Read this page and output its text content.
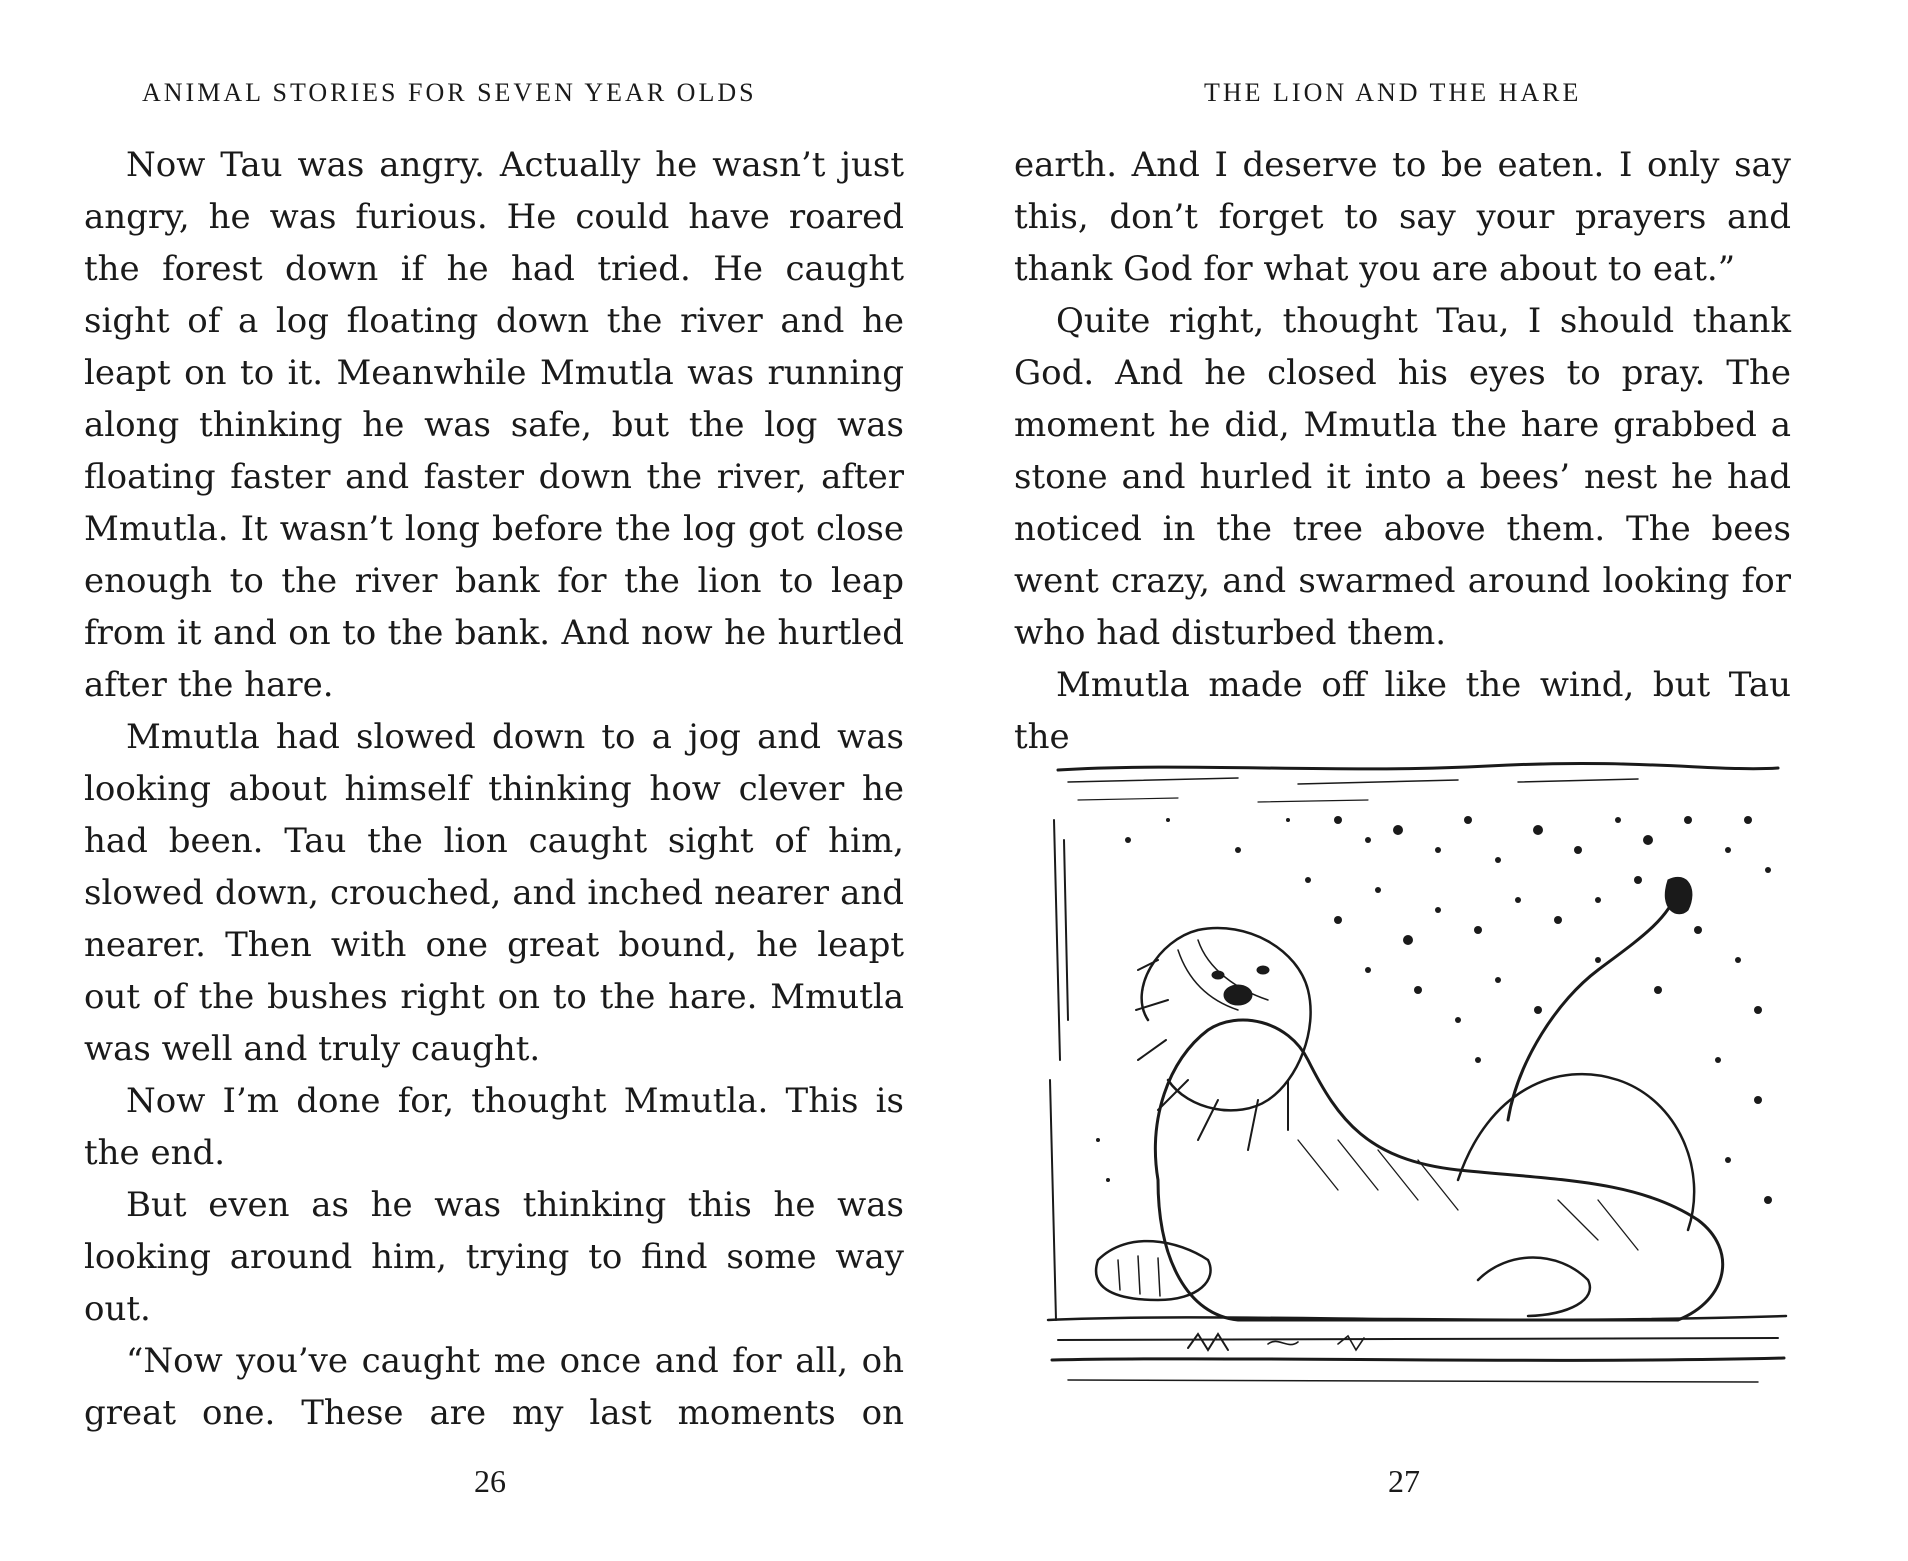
ANIMAL STORIES FOR SEVEN YEAR OLDS

Now Tau was angry. Actually he wasn’t just angry, he was furious. He could have roared the forest down if he had tried. He caught sight of a log floating down the river and he leapt on to it. Meanwhile Mmutla was running along thinking he was safe, but the log was floating faster and faster down the river, after Mmutla. It wasn’t long before the log got close enough to the river bank for the lion to leap from it and on to the bank. And now he hurtled after the hare.

Mmutla had slowed down to a jog and was looking about himself thinking how clever he had been. Tau the lion caught sight of him, slowed down, crouched, and inched nearer and nearer. Then with one great bound, he leapt out of the bushes right on to the hare. Mmutla was well and truly caught.

Now I’m done for, thought Mmutla. This is the end.

But even as he was thinking this he was looking around him, trying to find some way out.

“Now you’ve caught me once and for all, oh great one. These are my last moments on

26
THE LION AND THE HARE

earth. And I deserve to be eaten. I only say this, don’t forget to say your prayers and thank God for what you are about to eat.”

Quite right, thought Tau, I should thank God. And he closed his eyes to pray. The moment he did, Mmutla the hare grabbed a stone and hurled it into a bees’ nest he had noticed in the tree above them. The bees went crazy, and swarmed around looking for who had disturbed them.

Mmutla made off like the wind, but Tau the

27
